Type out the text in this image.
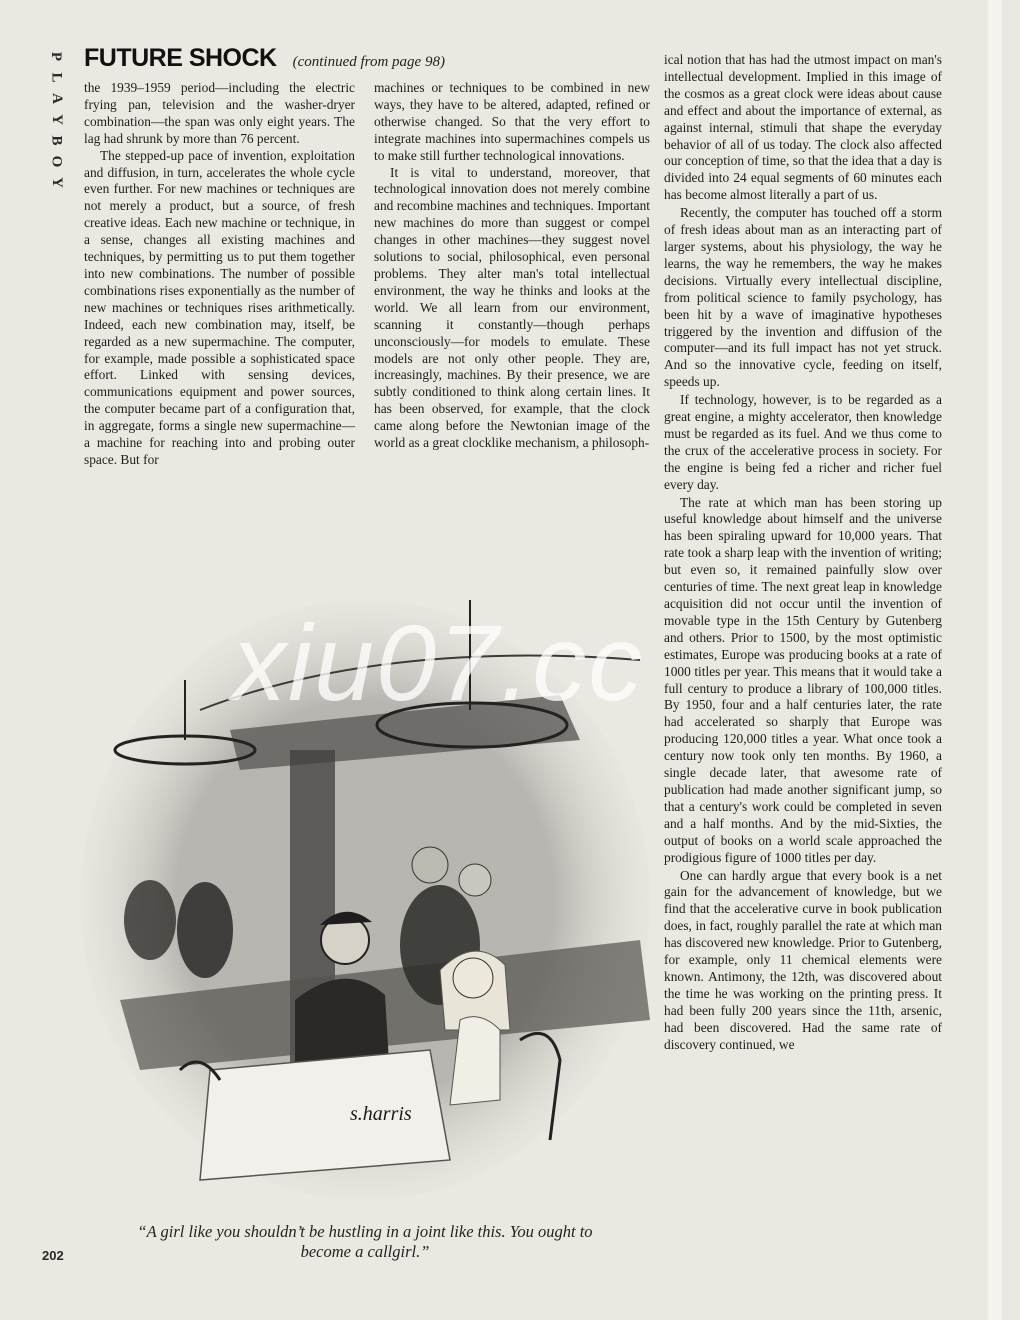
P
L
A
Y
B
O
Y
FUTURE SHOCK (continued from page 98)

the 1939–1959 period—including the electric frying pan, television and the washer-dryer combination—the span was only eight years. The lag had shrunk by more than 76 percent.

The stepped-up pace of invention, exploitation and diffusion, in turn, accelerates the whole cycle even further. For new machines or techniques are not merely a product, but a source, of fresh creative ideas. Each new machine or technique, in a sense, changes all existing machines and techniques, by permitting us to put them together into new combinations. The number of possible combinations rises exponentially as the number of new machines or techniques rises arithmetically. Indeed, each new combination may, itself, be regarded as a new supermachine. The computer, for example, made possible a sophisticated space effort. Linked with sensing devices, communications equipment and power sources, the computer became part of a configuration that, in aggregate, forms a single new supermachine—a machine for reaching into and probing outer space. But for

machines or techniques to be combined in new ways, they have to be altered, adapted, refined or otherwise changed. So that the very effort to integrate machines into supermachines compels us to make still further technological innovations.

It is vital to understand, moreover, that technological innovation does not merely combine and recombine machines and techniques. Important new machines do more than suggest or compel changes in other machines—they suggest novel solutions to social, philosophical, even personal problems. They alter man's total intellectual environment, the way he thinks and looks at the world. We all learn from our environment, scanning it constantly—though perhaps unconsciously—for models to emulate. These models are not only other people. They are, increasingly, machines. By their presence, we are subtly conditioned to think along certain lines. It has been observed, for example, that the clock came along before the Newtonian image of the world as a great clocklike mechanism, a philosoph-

ical notion that has had the utmost impact on man's intellectual development. Implied in this image of the cosmos as a great clock were ideas about cause and effect and about the importance of external, as against internal, stimuli that shape the everyday behavior of all of us today. The clock also affected our conception of time, so that the idea that a day is divided into 24 equal segments of 60 minutes each has become almost literally a part of us.

Recently, the computer has touched off a storm of fresh ideas about man as an interacting part of larger systems, about his physiology, the way he learns, the way he remembers, the way he makes decisions. Virtually every intellectual discipline, from political science to family psychology, has been hit by a wave of imaginative hypotheses triggered by the invention and diffusion of the computer—and its full impact has not yet struck. And so the innovative cycle, feeding on itself, speeds up.

If technology, however, is to be regarded as a great engine, a mighty accelerator, then knowledge must be regarded as its fuel. And we thus come to the crux of the accelerative process in society. For the engine is being fed a richer and richer fuel every day.

The rate at which man has been storing up useful knowledge about himself and the universe has been spiraling upward for 10,000 years. That rate took a sharp leap with the invention of writing; but even so, it remained painfully slow over centuries of time. The next great leap in knowledge acquisition did not occur until the invention of movable type in the 15th Century by Gutenberg and others. Prior to 1500, by the most optimistic estimates, Europe was producing books at a rate of 1000 titles per year. This means that it would take a full century to produce a library of 100,000 titles. By 1950, four and a half centuries later, the rate had accelerated so sharply that Europe was producing 120,000 titles a year. What once took a century now took only ten months. By 1960, a single decade later, that awesome rate of publication had made another significant jump, so that a century's work could be completed in seven and a half months. And by the mid-Sixties, the output of books on a world scale approached the prodigious figure of 1000 titles per day.

One can hardly argue that every book is a net gain for the advancement of knowledge, but we find that the accelerative curve in book publication does, in fact, roughly parallel the rate at which man has discovered new knowledge. Prior to Gutenberg, for example, only 11 chemical elements were known. Antimony, the 12th, was discovered about the time he was working on the printing press. It had been fully 200 years since the 11th, arsenic, had been discovered. Had the same rate of discovery continued, we

s.harris
“A girl like you shouldn’t be hustling in a joint like this. You ought to become a callgirl.”
202
xiu07.cc
